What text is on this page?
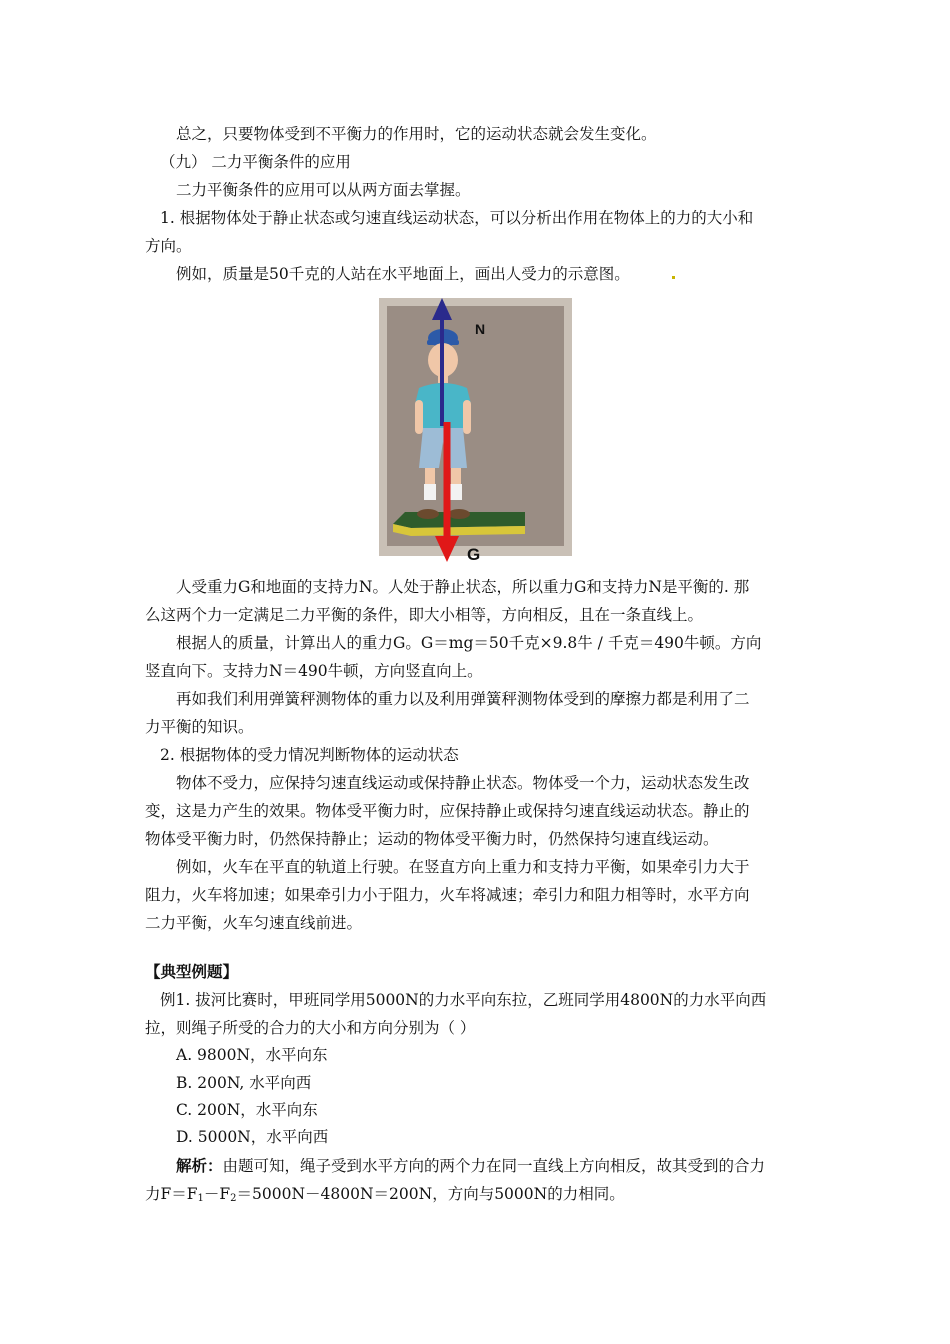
总之，只要物体受到不平衡力的作用时，它的运动状态就会发生变化。
（九） 二力平衡条件的应用
二力平衡条件的应用可以从两方面去掌握。
1. 根据物体处于静止状态或匀速直线运动状态，可以分析出作用在物体上的力的大小和
方向。
例如，质量是50千克的人站在水平地面上，画出人受力的示意图。
N
G
人受重力G和地面的支持力N。人处于静止状态，所以重力G和支持力N是平衡的. 那
么这两个力一定满足二力平衡的条件，即大小相等，方向相反，且在一条直线上。
根据人的质量，计算出人的重力G。G＝mg＝50千克×9.8牛 / 千克＝490牛顿。方向
竖直向下。支持力N＝490牛顿，方向竖直向上。
再如我们利用弹簧秤测物体的重力以及利用弹簧秤测物体受到的摩擦力都是利用了二
力平衡的知识。
2. 根据物体的受力情况判断物体的运动状态
物体不受力，应保持匀速直线运动或保持静止状态。物体受一个力，运动状态发生改
变，这是力产生的效果。物体受平衡力时，应保持静止或保持匀速直线运动状态。静止的
物体受平衡力时，仍然保持静止；运动的物体受平衡力时，仍然保持匀速直线运动。
例如，火车在平直的轨道上行驶。在竖直方向上重力和支持力平衡，如果牵引力大于
阻力，火车将加速；如果牵引力小于阻力，火车将减速；牵引力和阻力相等时，水平方向
二力平衡，火车匀速直线前进。
【典型例题】
例1. 拔河比赛时，甲班同学用5000N的力水平向东拉，乙班同学用4800N的力水平向西
拉，则绳子所受的合力的大小和方向分别为（ ）
A. 9800N，水平向东
B. 200N, 水平向西
C. 200N，水平向东
D. 5000N，水平向西
解析：由题可知，绳子受到水平方向的两个力在同一直线上方向相反，故其受到的合力
力$F=F_1-F_2=5000N-4800N=200N$，方向与5000N的力相同。
